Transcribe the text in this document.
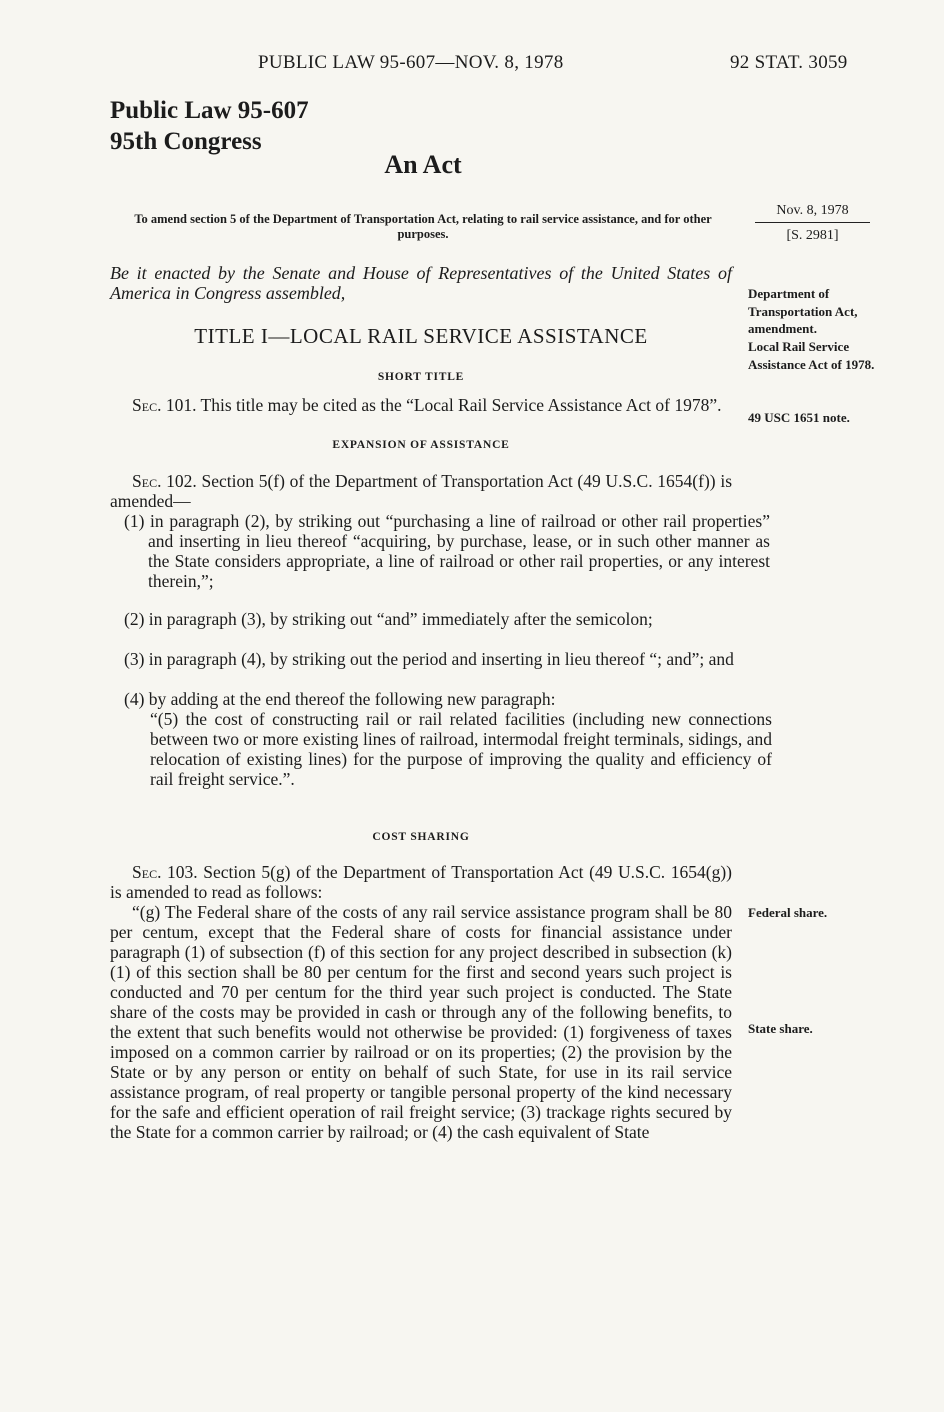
PUBLIC LAW 95-607—NOV. 8, 1978	92 STAT. 3059
Public Law 95-607
95th Congress
An Act
To amend section 5 of the Department of Transportation Act, relating to rail service assistance, and for other purposes.
Nov. 8, 1978
[S. 2981]
Be it enacted by the Senate and House of Representatives of the United States of America in Congress assembled,	Department of Transportation Act, amendment.
Local Rail Service Assistance Act of 1978.
49 USC 1651 note.
TITLE I—LOCAL RAIL SERVICE ASSISTANCE
SHORT TITLE
Sec. 101. This title may be cited as the “Local Rail Service Assistance Act of 1978”.
EXPANSION OF ASSISTANCE
Sec. 102. Section 5(f) of the Department of Transportation Act (49 U.S.C. 1654(f)) is amended—
(1) in paragraph (2), by striking out “purchasing a line of railroad or other rail properties” and inserting in lieu thereof “acquiring, by purchase, lease, or in such other manner as the State considers appropriate, a line of railroad or other rail properties, or any interest therein,”;
(2) in paragraph (3), by striking out “and” immediately after the semicolon;
(3) in paragraph (4), by striking out the period and inserting in lieu thereof “; and”; and
(4) by adding at the end thereof the following new paragraph:
“(5) the cost of constructing rail or rail related facilities (including new connections between two or more existing lines of railroad, intermodal freight terminals, sidings, and relocation of existing lines) for the purpose of improving the quality and efficiency of rail freight service.”.
COST SHARING
Sec. 103. Section 5(g) of the Department of Transportation Act (49 U.S.C. 1654(g)) is amended to read as follows:
“(g) The Federal share of the costs of any rail service assistance program shall be 80 per centum, except that the Federal share of costs for financial assistance under paragraph (1) of subsection (f) of this section for any project described in subsection (k)(1) of this section shall be 80 per centum for the first and second years such project is conducted and 70 per centum for the third year such project is conducted. The State share of the costs may be provided in cash or through any of the following benefits, to the extent that such benefits would not otherwise be provided: (1) forgiveness of taxes imposed on a common carrier by railroad or on its properties; (2) the provision by the State or by any person or entity on behalf of such State, for use in its rail service assistance program, of real property or tangible personal property of the kind necessary for the safe and efficient operation of rail freight service; (3) trackage rights secured by the State for a common carrier by railroad; or (4) the cash equivalent of State
Federal share.
State share.
